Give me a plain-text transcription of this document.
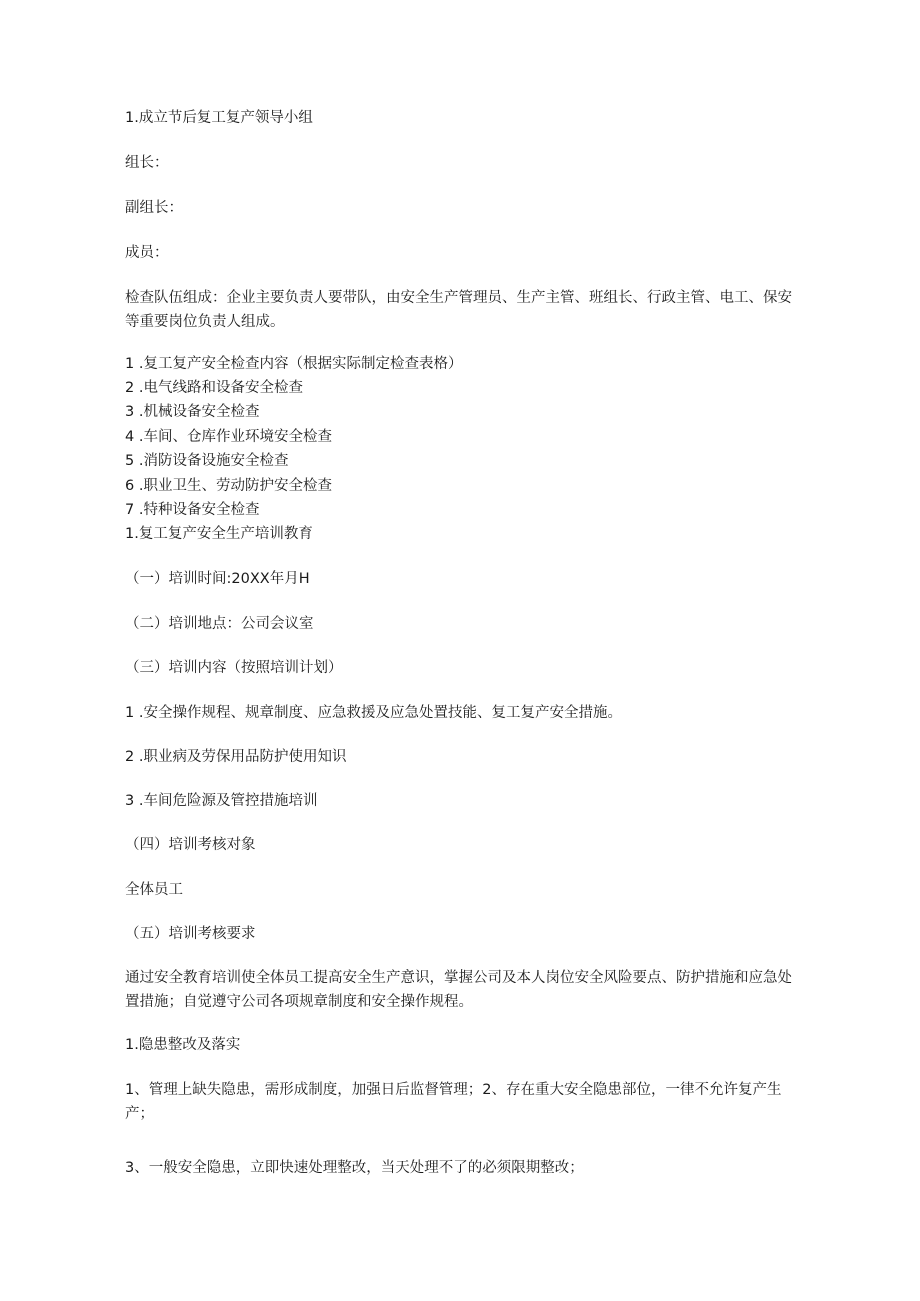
1.成立节后复工复产领导小组
组长：
副组长：
成员：
检查队伍组成：企业主要负责人要带队，由安全生产管理员、生产主管、班组长、行政主管、电工、保安等重要岗位负责人组成。
1 .复工复产安全检查内容（根据实际制定检查表格）
2 .电气线路和设备安全检查
3 .机械设备安全检查
4 .车间、仓库作业环境安全检查
5 .消防设备设施安全检查
6 .职业卫生、劳动防护安全检查
7 .特种设备安全检查
1.复工复产安全生产培训教育
（一）培训时间:20XX年月H
（二）培训地点：公司会议室
（三）培训内容（按照培训计划）
1 .安全操作规程、规章制度、应急救援及应急处置技能、复工复产安全措施。
2 .职业病及劳保用品防护使用知识
3 .车间危险源及管控措施培训
（四）培训考核对象
全体员工
（五）培训考核要求
通过安全教育培训使全体员工提高安全生产意识，掌握公司及本人岗位安全风险要点、防护措施和应急处置措施；自觉遵守公司各项规章制度和安全操作规程。
1.隐患整改及落实
1、管理上缺失隐患，需形成制度，加强日后监督管理；2、存在重大安全隐患部位，一律不允许复产生产；
3、一般安全隐患，立即快速处理整改，当天处理不了的必须限期整改；
